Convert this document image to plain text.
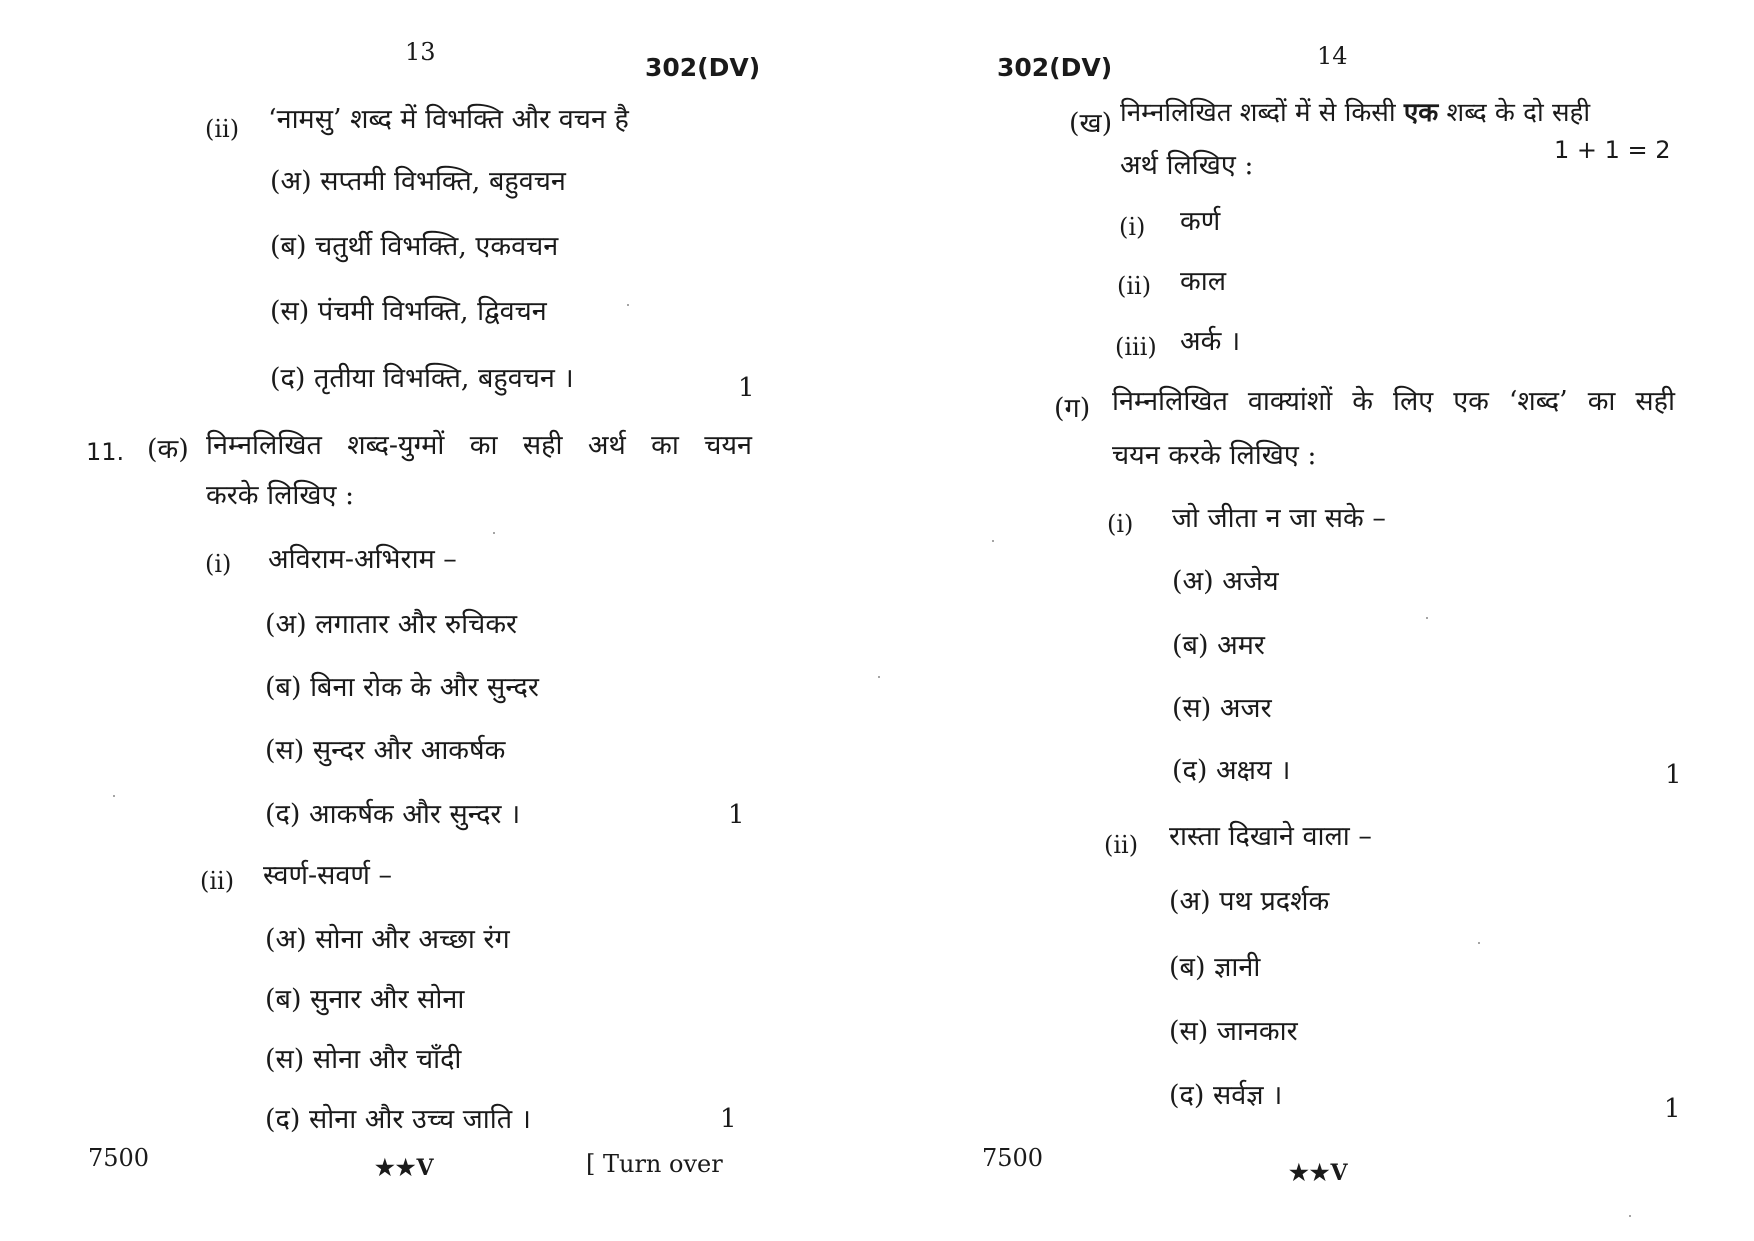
13
302(DV)
(ii) ‘नामसु’ शब्द में विभक्ति और वचन है
(अ) सप्तमी विभक्ति, बहुवचन
(ब) चतुर्थी विभक्ति, एकवचन
(स) पंचमी विभक्ति, द्विवचन
(द) तृतीया विभक्ति, बहुवचन ।	1
11. (क) निम्नलिखित शब्द-युग्मों का सही अर्थ का चयन
करके लिखिए :
(i) अविराम-अभिराम –
(अ) लगातार और रुचिकर
(ब) बिना रोक के और सुन्दर
(स) सुन्दर और आकर्षक
(द) आकर्षक और सुन्दर ।	1
(ii) स्वर्ण-सवर्ण –
(अ) सोना और अच्छा रंग
(ब) सुनार और सोना
(स) सोना और चाँदी
(द) सोना और उच्च जाति ।	1
7500	★★V	[ Turn over
302(DV)	14
(ख) निम्नलिखित शब्दों में से किसी एक शब्द के दो सही
अर्थ लिखिए :	1 + 1 = 2
(i) कर्ण
(ii) काल
(iii) अर्क ।
(ग) निम्नलिखित वाक्यांशों के लिए एक ‘शब्द’ का सही
चयन करके लिखिए :
(i) जो जीता न जा सके –
(अ) अजेय
(ब) अमर
(स) अजर
(द) अक्षय ।	1
(ii) रास्ता दिखाने वाला –
(अ) पथ प्रदर्शक
(ब) ज्ञानी
(स) जानकार
(द) सर्वज्ञ ।	1
7500
★★V
